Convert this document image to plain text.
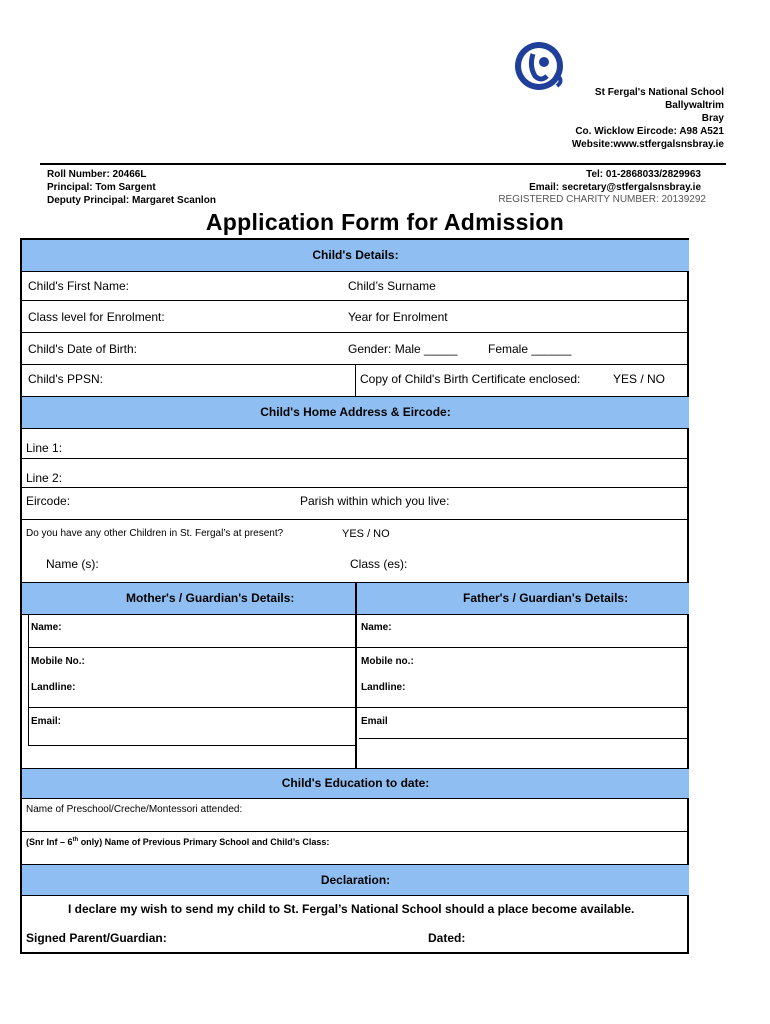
St Fergal's National School
Ballywaltrim
Bray
Co. Wicklow Eircode: A98 A521
Website:www.stfergalsnsbray.ie
Roll Number: 20466L
Principal: Tom Sargent
Deputy Principal: Margaret Scanlon
Tel: 01-2868033/2829963
Email: secretary@stfergalsnsbray.ie
REGISTERED CHARITY NUMBER: 20139292
Application Form for Admission
Child's Details:
Child's First Name:	Child’s Surname
Class level for Enrolment:	Year for Enrolment
Child's Date of Birth:	Gender: Male _____	Female ______
Child's PPSN:	Copy of Child's Birth Certificate enclosed:	YES / NO
Child's Home Address & Eircode:
Line 1:
Line 2:
Eircode:	Parish within which you live:
Do you have any other Children in St. Fergal’s at present?	YES / NO
Name (s):	Class (es):
Mother's / Guardian's Details:	Father's / Guardian's Details:
Name:	Name:
Mobile No.:	Mobile no.:
Landline:	Landline:
Email:	Email
Child's Education to date:
Name of Preschool/Creche/Montessori attended:
(Snr Inf – 6th only) Name of Previous Primary School and Child’s Class:
Declaration:
I declare my wish to send my child to St. Fergal’s National School should a place become available.
Signed Parent/Guardian:	Dated:
